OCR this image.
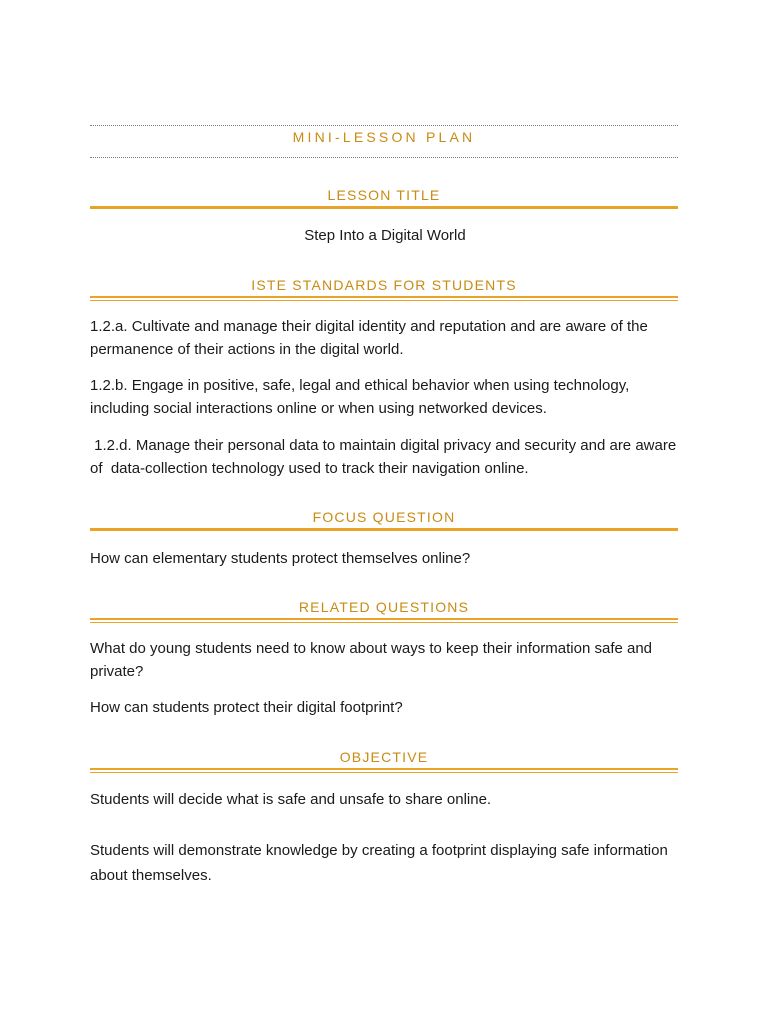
MINI-LESSON PLAN
LESSON TITLE
Step Into a Digital World
ISTE STANDARDS FOR STUDENTS
1.2.a. Cultivate and manage their digital identity and reputation and are aware of the permanence of their actions in the digital world.
1.2.b. Engage in positive, safe, legal and ethical behavior when using technology, including social interactions online or when using networked devices.
1.2.d. Manage their personal data to maintain digital privacy and security and are aware of  data-collection technology used to track their navigation online.
FOCUS QUESTION
How can elementary students protect themselves online?
RELATED QUESTIONS
What do young students need to know about ways to keep their information safe and private?
How can students protect their digital footprint?
OBJECTIVE
Students will decide what is safe and unsafe to share online.
Students will demonstrate knowledge by creating a footprint displaying safe information about themselves.
